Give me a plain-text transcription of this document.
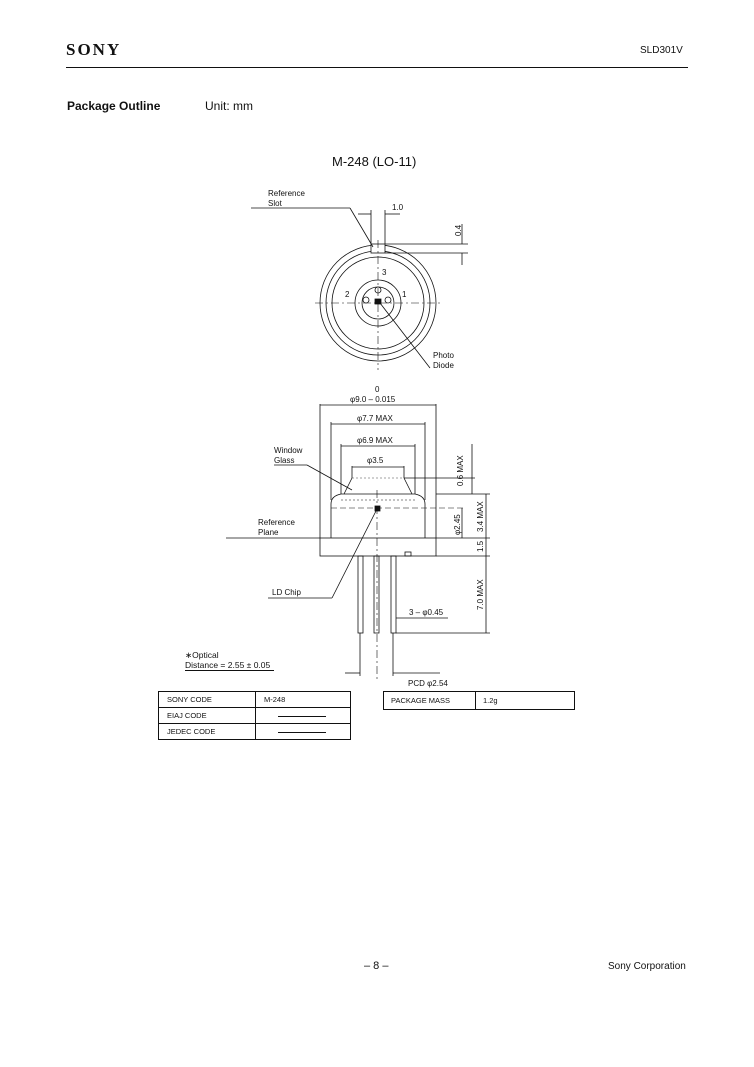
SONY	SLD301V
Package Outline	Unit: mm
M-248 (LO-11)
Reference
Slot	1.0
0.4
3
2	1
Photo
Diode
0
φ9.0 – 0.015
φ7.7 MAX
φ6.9 MAX
Window
Glass	φ3.5	0.6 MAX
3.4 MAX
φ2.45
Reference
Plane
1.5
LD Chip
3 – φ0.45
7.0 MAX
PCD φ2.54
∗Optical
Distance = 2.55 ± 0.05
SONY CODE	M-248
EIAJ CODE	
JEDEC CODE	
PACKAGE MASS	1.2g
– 8 –	Sony Corporation
